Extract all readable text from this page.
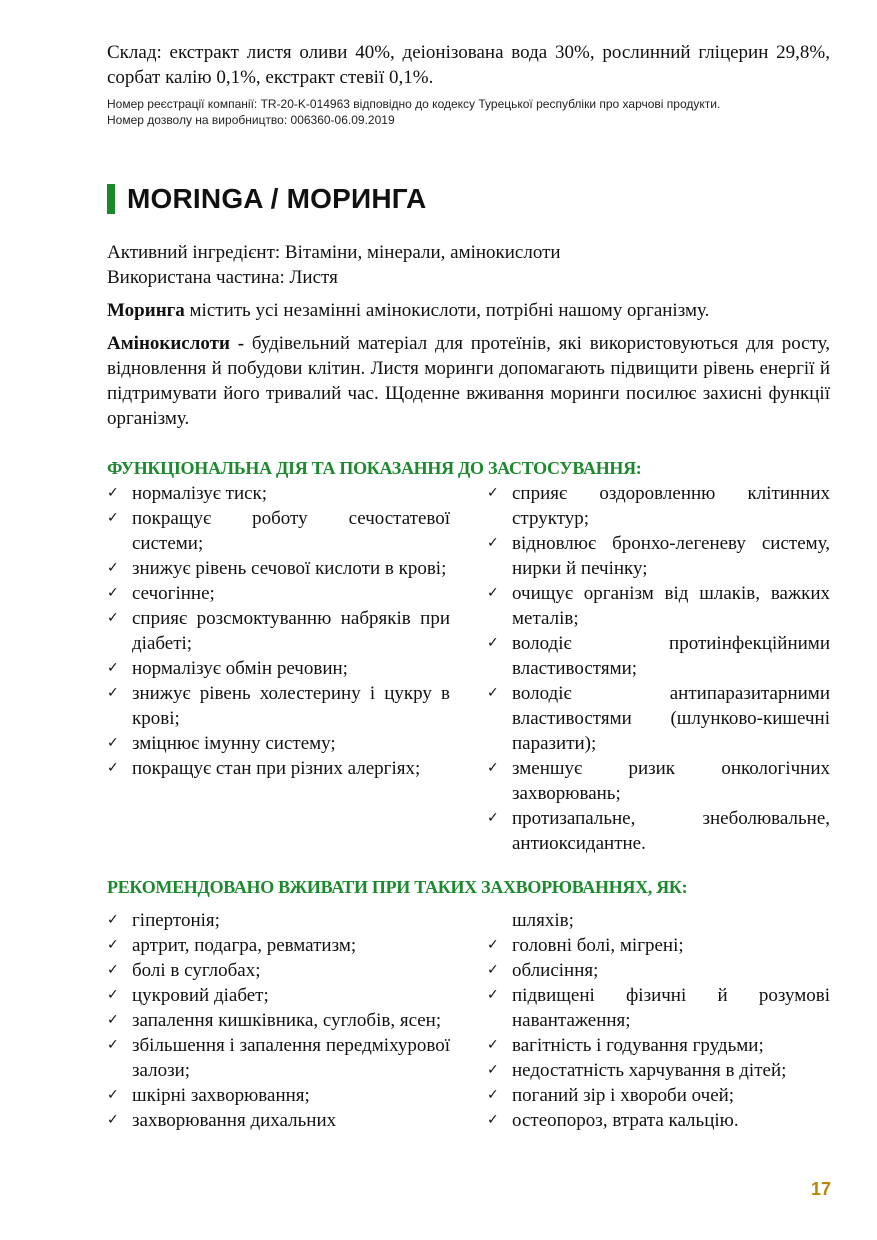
Склад: екстракт листя оливи 40%, деіонізована вода 30%, рослинний гліцерин 29,8%, сорбат калію 0,1%, екстракт стевії 0,1%.
Номер реєстрації компанії: TR-20-K-014963 відповідно до кодексу Турецької республіки про харчові продукти.
Номер дозволу на виробництво: 006360-06.09.2019
MORINGA / МОРИНГА
Активний інгредієнт: Вітаміни, мінерали, амінокислоти
Використана частина: Листя
Моринга містить усі незамінні амінокислоти, потрібні нашому організму.
Амінокислоти - будівельний матеріал для протеїнів, які використовуються для росту, відновлення й побудови клітин. Листя моринги допомагають підвищити рівень енергії й підтримувати його тривалий час. Щоденне вживання моринги посилює захисні функції організму.
ФУНКЦІОНАЛЬНА ДІЯ ТА ПОКАЗАННЯ ДО ЗАСТОСУВАННЯ:
✓ нормалізує тиск;
✓ покращує роботу сечостатевої системи;
✓ знижує рівень сечової кислоти в крові;
✓ сечогінне;
✓ сприяє розсмоктуванню набряків при діабеті;
✓ нормалізує обмін речовин;
✓ знижує рівень холестерину і цукру в крові;
✓ зміцнює імунну систему;
✓ покращує стан при різних алергіях;
✓ сприяє оздоровленню клітинних структур;
✓ відновлює бронхо-легеневу систему, нирки й печінку;
✓ очищує організм від шлаків, важких металів;
✓ володіє протиінфекційними властивостями;
✓ володіє антипаразитарними властивостями (шлунково-кишечні паразити);
✓ зменшує ризик онкологічних захворювань;
✓ протизапальне, знеболювальне, антиоксидантне.
РЕКОМЕНДОВАНО ВЖИВАТИ ПРИ ТАКИХ ЗАХВОРЮВАННЯХ, ЯК:
✓ гіпертонія;
✓ артрит, подагра, ревматизм;
✓ болі в суглобах;
✓ цукровий діабет;
✓ запалення кишківника, суглобів, ясен;
✓ збільшення і запалення передміхурової залози;
✓ шкірні захворювання;
✓ захворювання дихальних
шляхів;
✓ головні болі, мігрені;
✓ облисіння;
✓ підвищені фізичні й розумові навантаження;
✓ вагітність і годування грудьми;
✓ недостатність харчування в дітей;
✓ поганий зір і хвороби очей;
✓ остеопороз, втрата кальцію.
17
